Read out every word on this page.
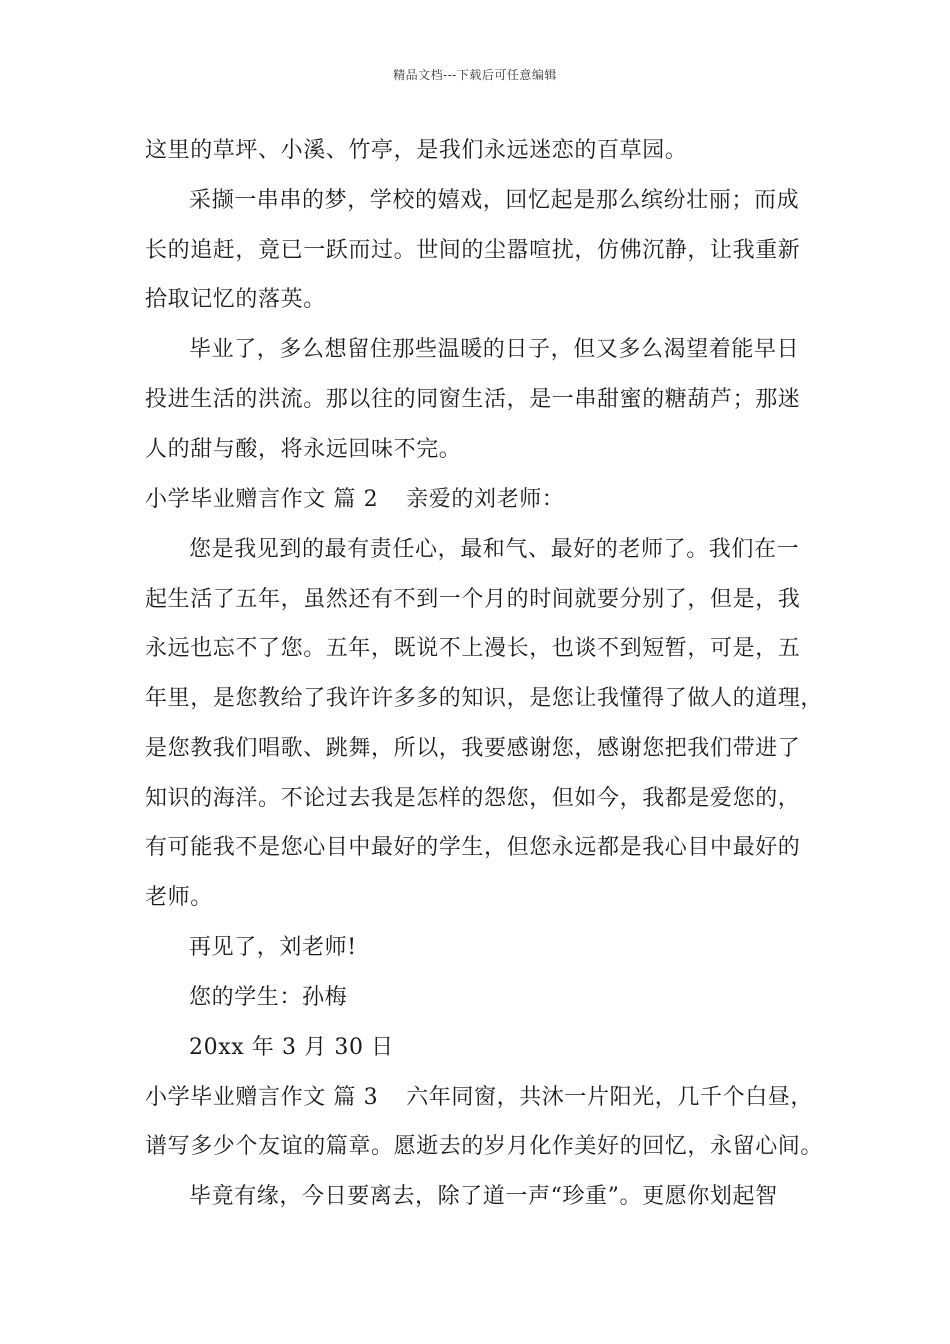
精品文档---下载后可任意编辑
这里的草坪、小溪、竹亭，是我们永远迷恋的百草园。
采撷一串串的梦，学校的嬉戏，回忆起是那么缤纷壮丽；而成
长的追赶，竟已一跃而过。世间的尘嚣喧扰，仿佛沉静，让我重新
拾取记忆的落英。
毕业了，多么想留住那些温暖的日子，但又多么渴望着能早日
投进生活的洪流。那以往的同窗生活，是一串甜蜜的糖葫芦；那迷
人的甜与酸，将永远回味不完。
小学毕业赠言作文 篇 2 亲爱的刘老师：
您是我见到的最有责任心，最和气、最好的老师了。我们在一
起生活了五年，虽然还有不到一个月的时间就要分别了，但是，我
永远也忘不了您。五年，既说不上漫长，也谈不到短暂，可是，五
年里，是您教给了我许许多多的知识，是您让我懂得了做人的道理，
是您教我们唱歌、跳舞，所以，我要感谢您，感谢您把我们带进了
知识的海洋。不论过去我是怎样的怨您，但如今，我都是爱您的，
有可能我不是您心目中最好的学生，但您永远都是我心目中最好的
老师。
再见了，刘老师!
您的学生：孙梅
20xx 年 3 月 30 日
小学毕业赠言作文 篇 3 六年同窗，共沐一片阳光，几千个白昼，
谱写多少个友谊的篇章。愿逝去的岁月化作美好的回忆，永留心间。
毕竟有缘，今日要离去，除了道一声“珍重”。更愿你划起智
